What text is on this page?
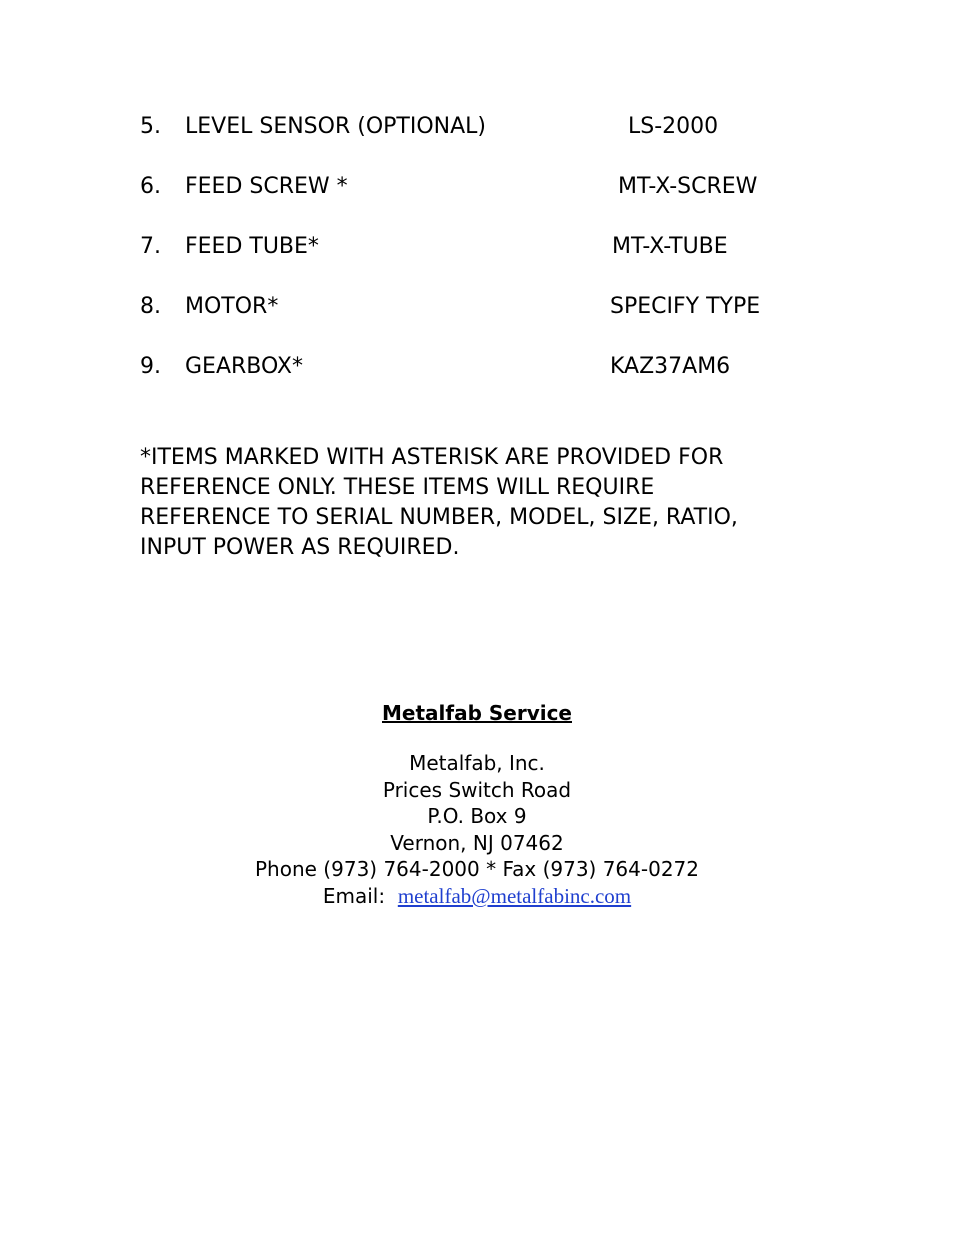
5. LEVEL SENSOR (OPTIONAL)	LS-2000
6. FEED SCREW *	MT-X-SCREW
7. FEED TUBE*	MT-X-TUBE
8. MOTOR*	SPECIFY TYPE
9. GEARBOX*	KAZ37AM6

*ITEMS MARKED WITH ASTERISK ARE PROVIDED FOR

REFERENCE ONLY. THESE ITEMS WILL REQUIRE

REFERENCE TO SERIAL NUMBER, MODEL, SIZE, RATIO,

INPUT POWER AS REQUIRED.

Metalfab Service
Metalfab, Inc.
Prices Switch Road
P.O. Box 9
Vernon, NJ 07462
Phone (973) 764-2000 * Fax (973) 764-0272
Email: metalfab@metalfabinc.com
